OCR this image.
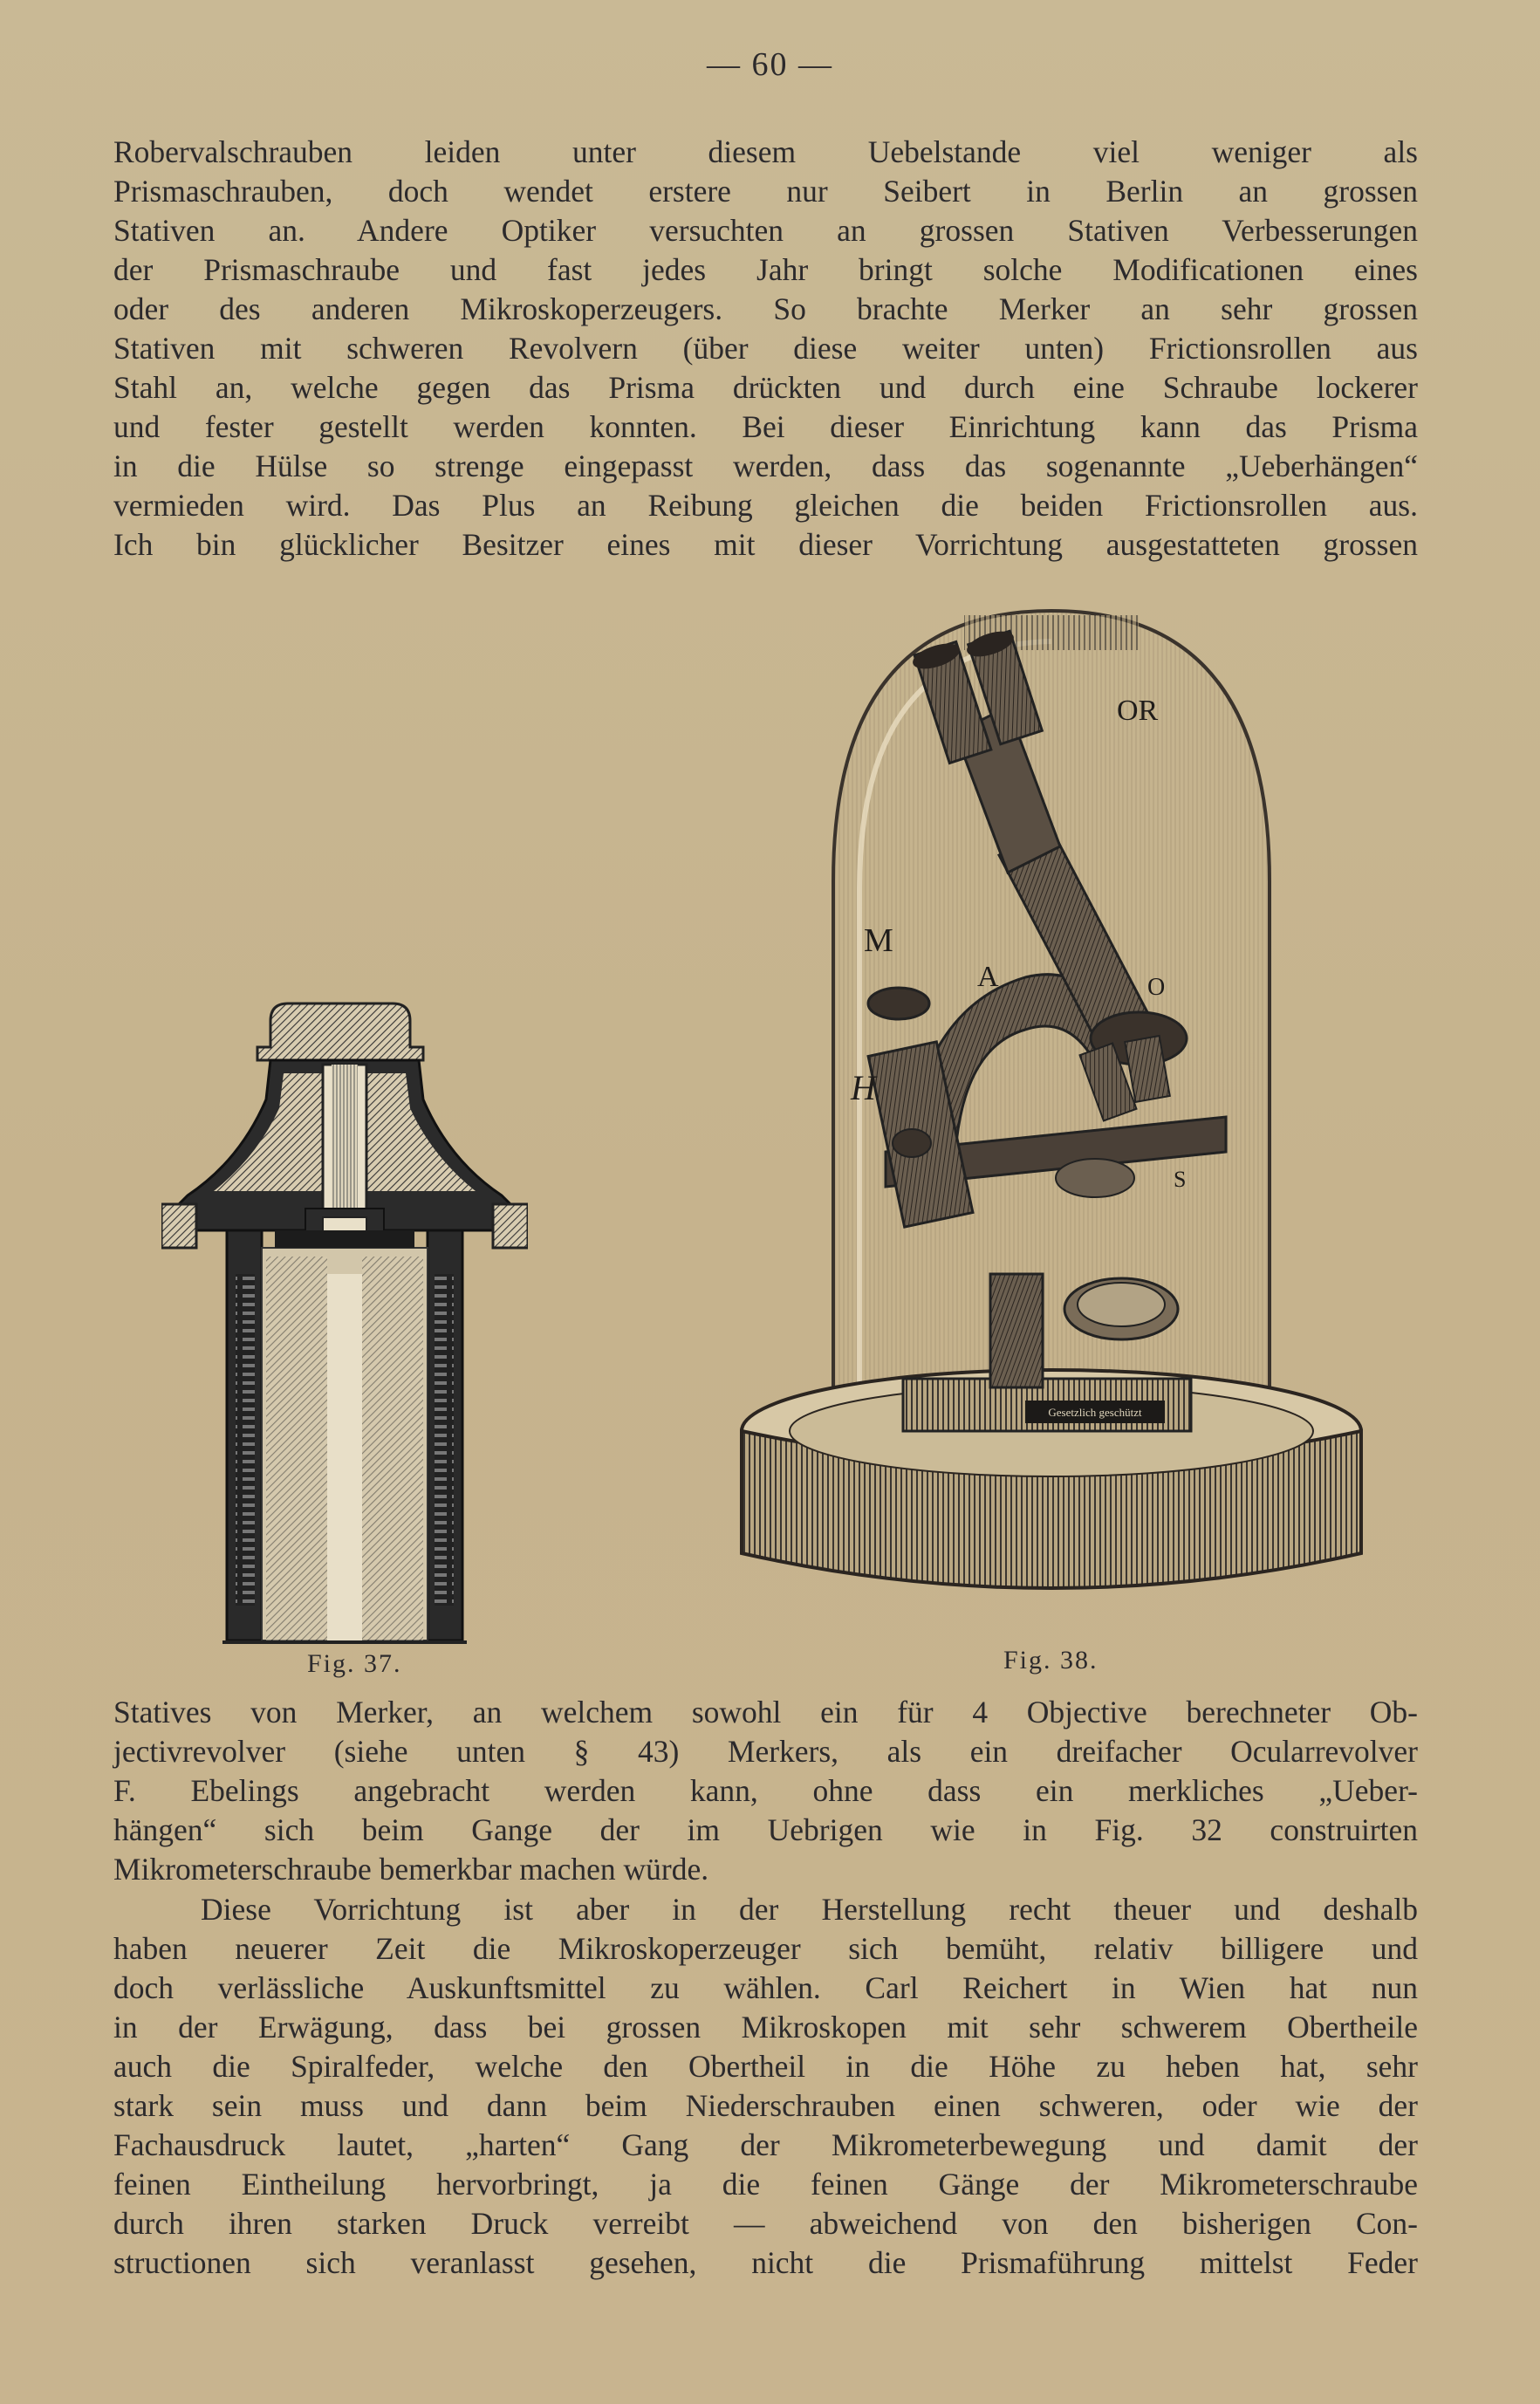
— 60 —
Robervalschrauben leiden unter diesem Uebelstande viel weniger als
Prismaschrauben, doch wendet erstere nur Seibert in Berlin an grossen
Stativen an. Andere Optiker versuchten an grossen Stativen Verbesserungen
der Prismaschraube und fast jedes Jahr bringt solche Modificationen eines
oder des anderen Mikroskoperzeugers. So brachte Merker an sehr grossen
Stativen mit schweren Revolvern (über diese weiter unten) Frictionsrollen aus
Stahl an, welche gegen das Prisma drückten und durch eine Schraube lockerer
und fester gestellt werden konnten. Bei dieser Einrichtung kann das Prisma
in die Hülse so strenge eingepasst werden, dass das sogenannte „Ueberhängen“
vermieden wird. Das Plus an Reibung gleichen die beiden Frictionsrollen aus.
Ich bin glücklicher Besitzer eines mit dieser Vorrichtung ausgestatteten grossen
Fig. 37.
Gesetzlich geschützt
OR
M
A	O
H
S
Fig. 38.
Statives von Merker, an welchem sowohl ein für 4 Objective berechneter Ob-
jectivrevolver (siehe unten § 43) Merkers, als ein dreifacher Ocularrevolver
F. Ebelings angebracht werden kann, ohne dass ein merkliches „Ueber-
hängen“ sich beim Gange der im Uebrigen wie in Fig. 32 construirten
Mikrometerschraube bemerkbar machen würde.
Diese Vorrichtung ist aber in der Herstellung recht theuer und deshalb
haben neuerer Zeit die Mikroskoperzeuger sich bemüht, relativ billigere und
doch verlässliche Auskunftsmittel zu wählen. Carl Reichert in Wien hat nun
in der Erwägung, dass bei grossen Mikroskopen mit sehr schwerem Obertheile
auch die Spiralfeder, welche den Obertheil in die Höhe zu heben hat, sehr
stark sein muss und dann beim Niederschrauben einen schweren, oder wie der
Fachausdruck lautet, „harten“ Gang der Mikrometerbewegung und damit der
feinen Eintheilung hervorbringt, ja die feinen Gänge der Mikrometerschraube
durch ihren starken Druck verreibt — abweichend von den bisherigen Con-
structionen sich veranlasst gesehen, nicht die Prismaführung mittelst Feder
